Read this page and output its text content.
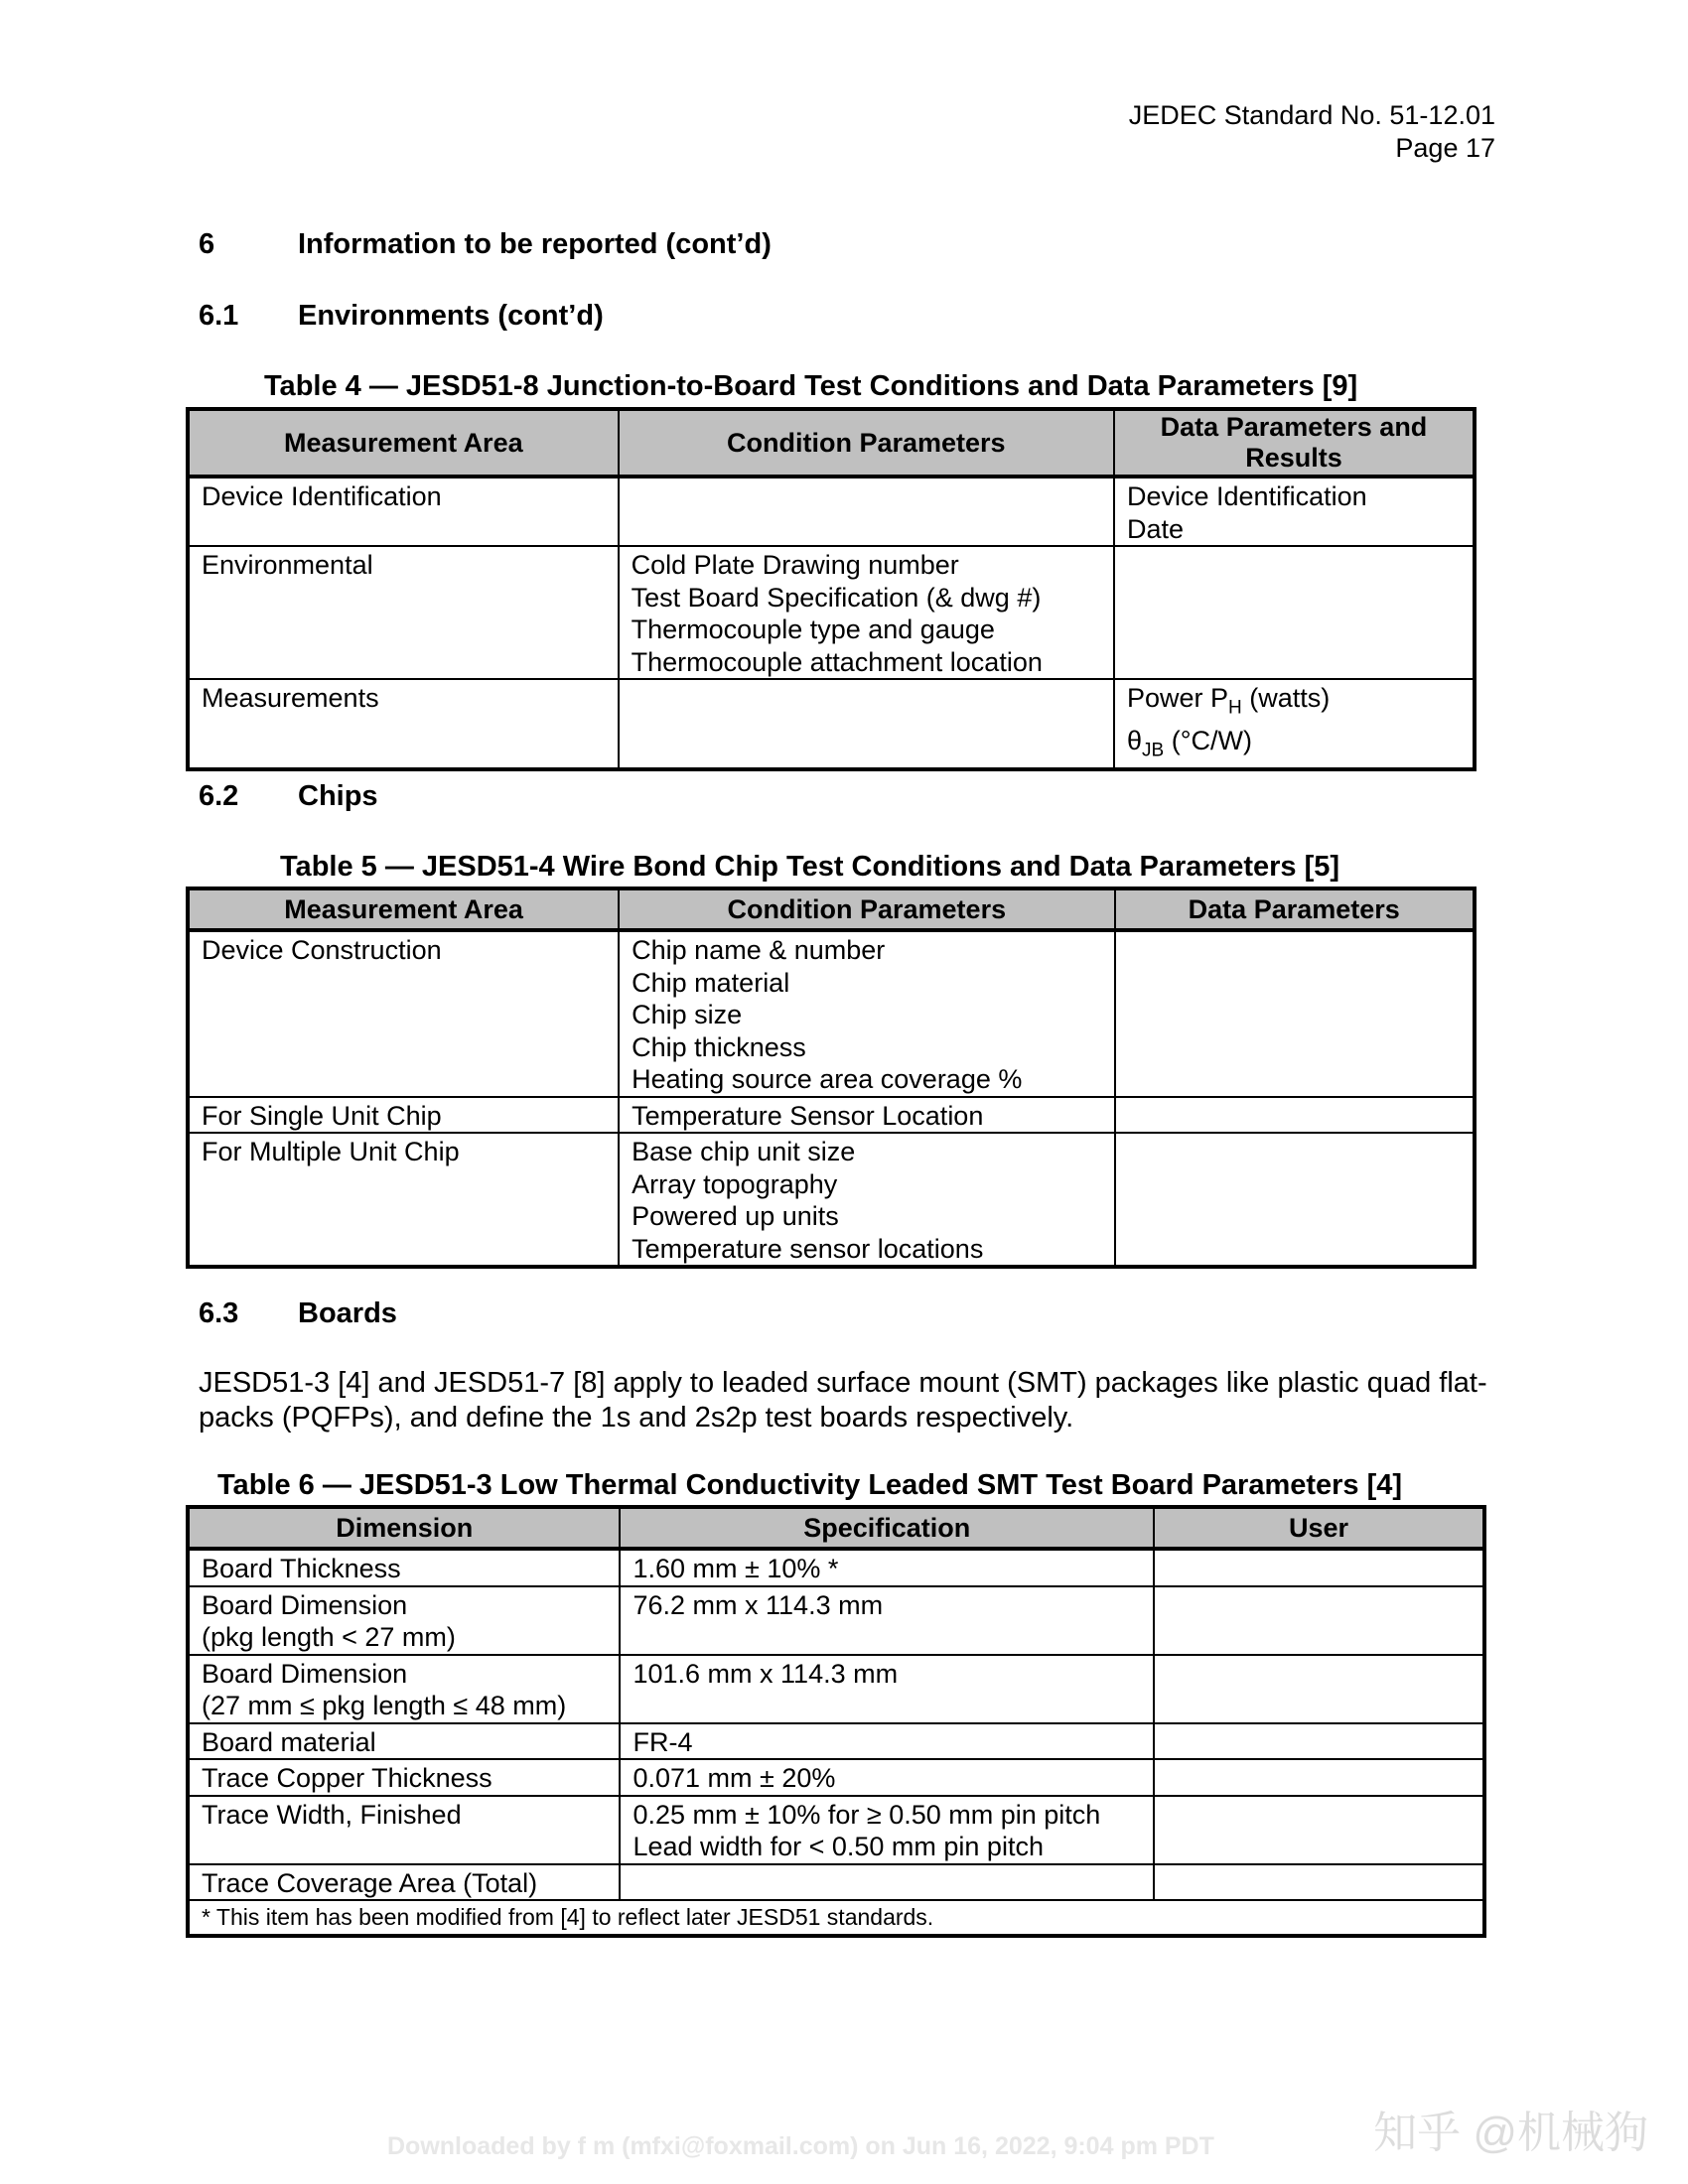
JEDEC Standard No. 51-12.01
Page 17
6	Information to be reported (cont’d)
6.1 Environments (cont’d)
Table 4 — JESD51-8 Junction-to-Board Test Conditions and Data Parameters [9]
Measurement Area	Condition Parameters	Data Parameters and Results
Device Identification		Device Identification
Date

Environmental	Cold Plate Drawing number
Test Board Specification (& dwg #)
Thermocouple type and gauge
Thermocouple attachment location	

Measurements		Power $P_H$ (watts)
$\theta_{JB}$ (°C/W)
6.2 Chips
Table 5 — JESD51-4 Wire Bond Chip Test Conditions and Data Parameters [5]
Measurement Area	Condition Parameters	Data Parameters
Device Construction	Chip name & number
Chip material
Chip size
Chip thickness
Heating source area coverage %	

For Single Unit Chip	Temperature Sensor Location	

For Multiple Unit Chip	Base chip unit size
Array topography
Powered up units
Temperature sensor locations	

6.3 Boards
JESD51-3 [4] and JESD51-7 [8] apply to leaded surface mount (SMT) packages like plastic quad flat-packs (PQFPs), and define the 1s and 2s2p test boards respectively.
Table 6 — JESD51-3 Low Thermal Conductivity Leaded SMT Test Board Parameters [4]
Dimension	Specification	User

Board Thickness	1.60 mm ± 10% *	

Board Dimension
(pkg length < 27 mm)	76.2 mm x 114.3 mm	

Board Dimension
(27 mm ≤ pkg length ≤ 48 mm)	101.6 mm x 114.3 mm	

Board material	FR-4	

Trace Copper Thickness	0.071 mm ± 20%	

Trace Width, Finished	0.25 mm ± 10% for ≥ 0.50 mm pin pitch
Lead width for < 0.50 mm pin pitch	

Trace Coverage Area (Total)		

* This item has been modified from [4] to reflect later JESD51 standards.		
Downloaded by f m (mfxi@foxmail.com) on Jun 16, 2022, 9:04 pm PDT	知乎 @机械狗
